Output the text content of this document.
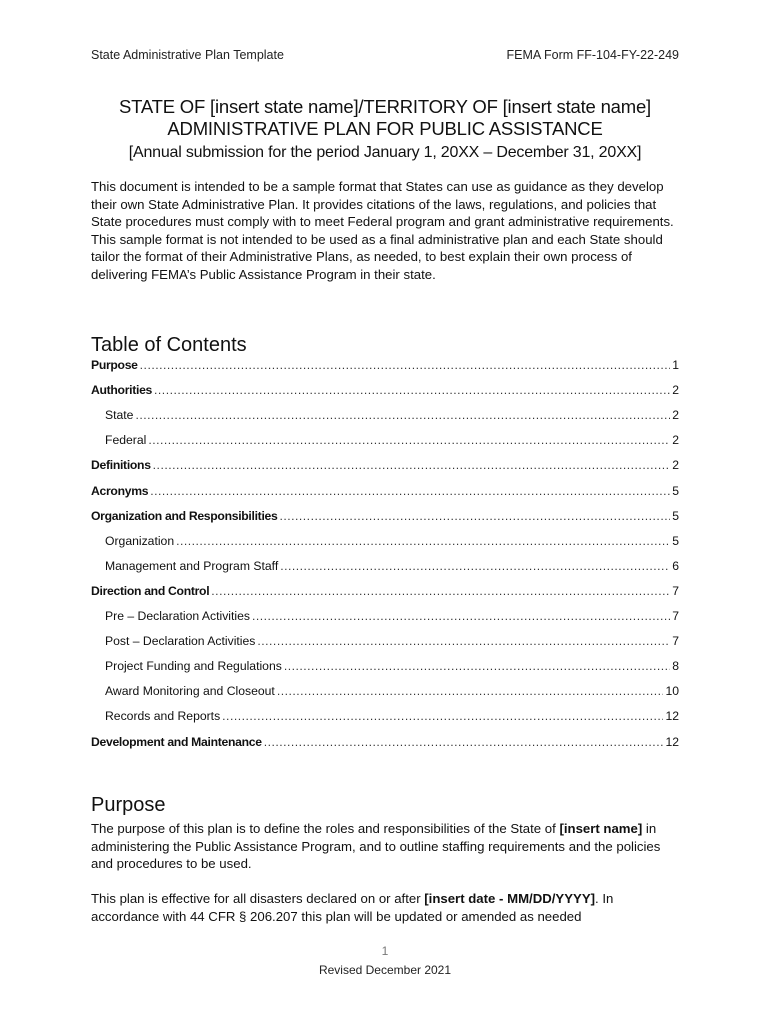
State Administrative Plan Template	FEMA Form FF-104-FY-22-249
STATE OF [insert state name]/TERRITORY OF [insert state name]
ADMINISTRATIVE PLAN FOR PUBLIC ASSISTANCE
[Annual submission for the period January 1, 20XX – December 31, 20XX]
This document is intended to be a sample format that States can use as guidance as they develop their own State Administrative Plan. It provides citations of the laws, regulations, and policies that State procedures must comply with to meet Federal program and grant administrative requirements. This sample format is not intended to be used as a final administrative plan and each State should tailor the format of their Administrative Plans, as needed, to best explain their own process of delivering FEMA’s Public Assistance Program in their state.
Table of Contents
Purpose .....	1
Authorities .....	2
State .....	2
Federal .....	2
Definitions .....	2
Acronyms .....	5
Organization and Responsibilities .....	5
Organization .....	5
Management and Program Staff .....	6
Direction and Control .....	7
Pre – Declaration Activities .....	7
Post – Declaration Activities .....	7
Project Funding and Regulations .....	8
Award Monitoring and Closeout .....	10
Records and Reports .....	12
Development and Maintenance .....	12
Purpose
The purpose of this plan is to define the roles and responsibilities of the State of [insert name] in administering the Public Assistance Program, and to outline staffing requirements and the policies and procedures to be used.
This plan is effective for all disasters declared on or after [insert date - MM/DD/YYYY]. In accordance with 44 CFR § 206.207 this plan will be updated or amended as needed
1
Revised December 2021
